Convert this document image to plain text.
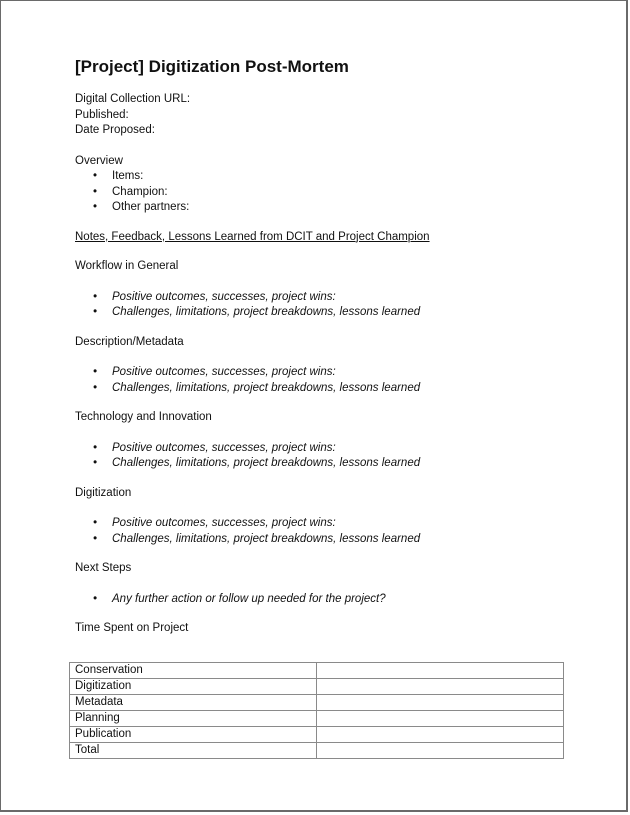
[Project] Digitization Post-Mortem

Digital Collection URL:

Published:

Date Proposed:

Overview

• Items:
• Champion:
• Other partners:

Notes, Feedback, Lessons Learned from DCIT and Project Champion

Workflow in General

• Positive outcomes, successes, project wins:
• Challenges, limitations, project breakdowns, lessons learned

Description/Metadata

• Positive outcomes, successes, project wins:
• Challenges, limitations, project breakdowns, lessons learned

Technology and Innovation

• Positive outcomes, successes, project wins:
• Challenges, limitations, project breakdowns, lessons learned

Digitization

• Positive outcomes, successes, project wins:
• Challenges, limitations, project breakdowns, lessons learned

Next Steps

• Any further action or follow up needed for the project?

Time Spent on Project

Conservation	
Digitization	
Metadata	
Planning	
Publication	
Total	
